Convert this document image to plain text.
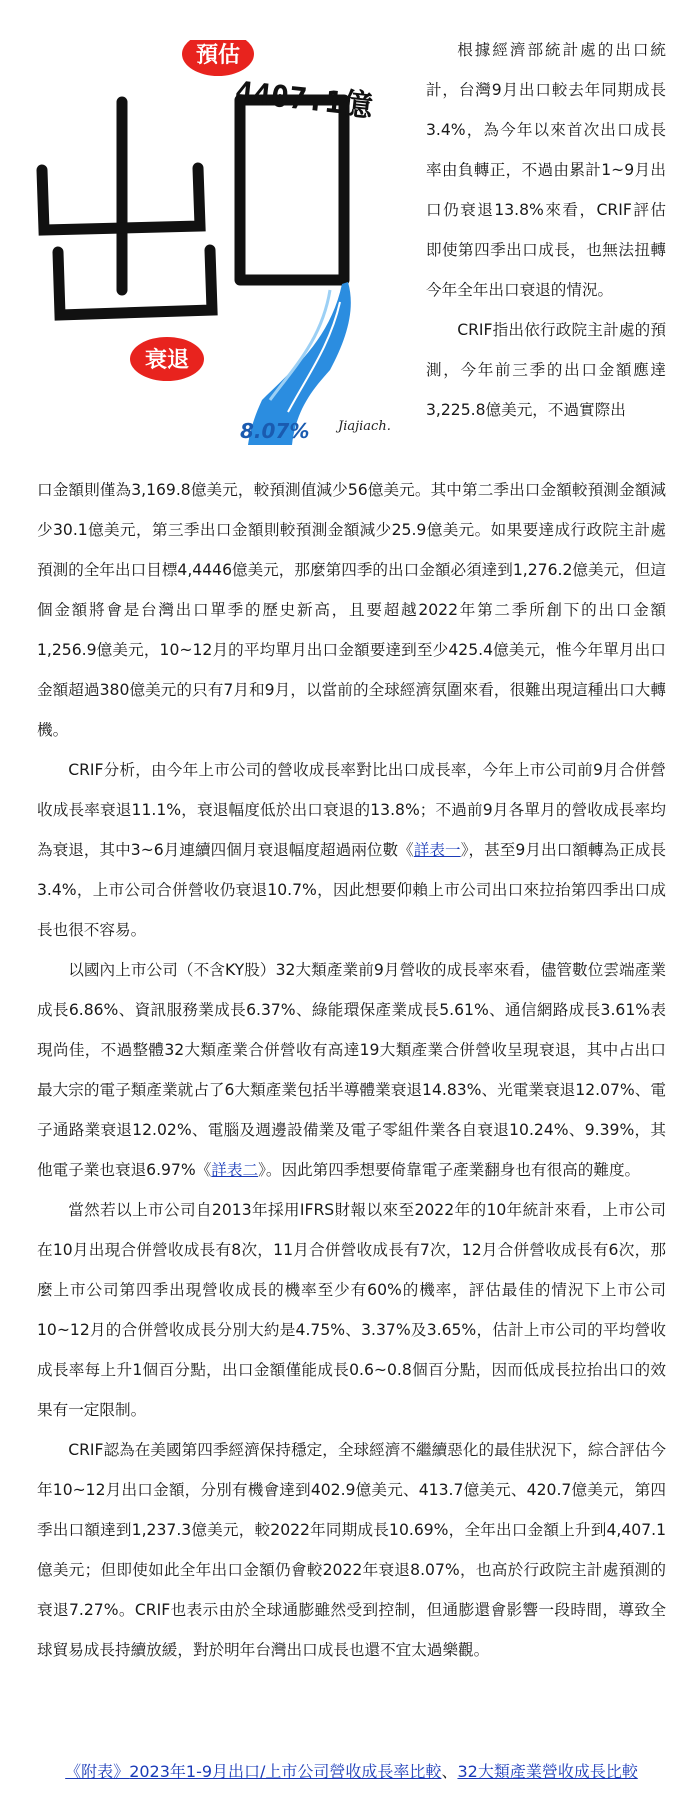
預估
4407.1億
衰退
8.07% Jiajiach.

根據經濟部統計處的出口統計，台灣9月出口較去年同期成長3.4%，為今年以來首次出口成長率由負轉正，不過由累計1~9月出口仍衰退13.8%來看，CRIF評估即使第四季出口成長，也無法扭轉今年全年出口衰退的情況。

CRIF指出依行政院主計處的預測，今年前三季的出口金額應達3,225.8億美元，不過實際出

口金額則僅為3,169.8億美元，較預測值減少56億美元。其中第二季出口金額較預測金額減少30.1億美元，第三季出口金額則較預測金額減少25.9億美元。如果要達成行政院主計處預測的全年出口目標4,4446億美元，那麼第四季的出口金額必須達到1,276.2億美元，但這個金額將會是台灣出口單季的歷史新高，且要超越2022年第二季所創下的出口金額1,256.9億美元，10~12月的平均單月出口金額要達到至少425.4億美元，惟今年單月出口金額超過380億美元的只有7月和9月，以當前的全球經濟氛圍來看，很難出現這種出口大轉機。

CRIF分析，由今年上市公司的營收成長率對比出口成長率，今年上市公司前9月合併營收成長率衰退11.1%，衰退幅度低於出口衰退的13.8%；不過前9月各單月的營收成長率均為衰退，其中3~6月連續四個月衰退幅度超過兩位數《詳表一》，甚至9月出口額轉為正成長3.4%，上市公司合併營收仍衰退10.7%，因此想要仰賴上市公司出口來拉抬第四季出口成長也很不容易。

以國內上市公司（不含KY股）32大類產業前9月營收的成長率來看，儘管數位雲端產業成長6.86%、資訊服務業成長6.37%、綠能環保產業成長5.61%、通信網路成長3.61%表現尚佳，不過整體32大類產業合併營收有高達19大類產業合併營收呈現衰退，其中占出口最大宗的電子類產業就占了6大類產業包括半導體業衰退14.83%、光電業衰退12.07%、電子通路業衰退12.02%、電腦及週邊設備業及電子零組件業各自衰退10.24%、9.39%，其他電子業也衰退6.97%《詳表二》。因此第四季想要倚靠電子產業翻身也有很高的難度。

當然若以上市公司自2013年採用IFRS財報以來至2022年的10年統計來看，上市公司在10月出現合併營收成長有8次，11月合併營收成長有7次，12月合併營收成長有6次，那麼上市公司第四季出現營收成長的機率至少有60%的機率，評估最佳的情況下上市公司10~12月的合併營收成長分別大約是4.75%、3.37%及3.65%，估計上市公司的平均營收成長率每上升1個百分點，出口金額僅能成長0.6~0.8個百分點，因而低成長拉抬出口的效果有一定限制。

CRIF認為在美國第四季經濟保持穩定，全球經濟不繼續惡化的最佳狀況下，綜合評估今年10~12月出口金額，分別有機會達到402.9億美元、413.7億美元、420.7億美元，第四季出口額達到1,237.3億美元，較2022年同期成長10.69%，全年出口金額上升到4,407.1億美元；但即使如此全年出口金額仍會較2022年衰退8.07%，也高於行政院主計處預測的衰退7.27%。CRIF也表示由於全球通膨雖然受到控制，但通膨還會影響一段時間，導致全球貿易成長持續放緩，對於明年台灣出口成長也還不宜太過樂觀。

《附表》2023年1-9月出口/上市公司營收成長率比較、32大類產業營收成長比較
